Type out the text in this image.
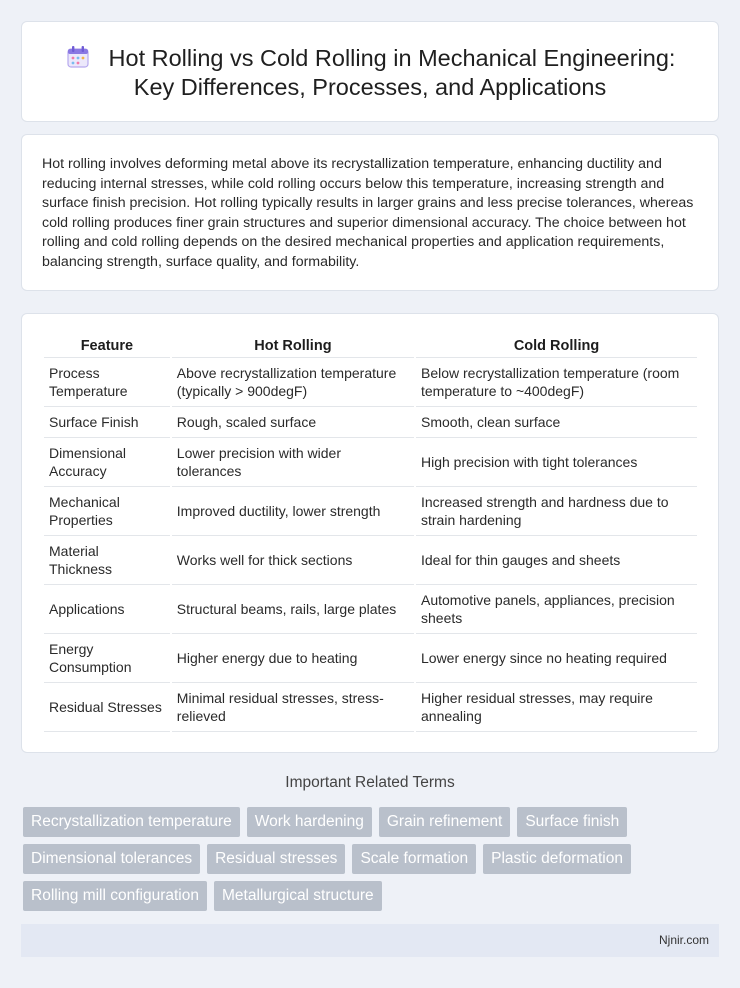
Hot Rolling vs Cold Rolling in Mechanical Engineering:
Key Differences, Processes, and Applications

Hot rolling involves deforming metal above its recrystallization temperature, enhancing ductility and reducing internal stresses, while cold rolling occurs below this temperature, increasing strength and surface finish precision. Hot rolling typically results in larger grains and less precise tolerances, whereas cold rolling produces finer grain structures and superior dimensional accuracy. The choice between hot rolling and cold rolling depends on the desired mechanical properties and application requirements, balancing strength, surface quality, and formability.

Feature	Hot Rolling	Cold Rolling
Process Temperature	Above recrystallization temperature (typically > 900degF)	Below recrystallization temperature (room temperature to ~400degF)
Surface Finish	Rough, scaled surface	Smooth, clean surface
Dimensional Accuracy	Lower precision with wider tolerances	High precision with tight tolerances
Mechanical Properties	Improved ductility, lower strength	Increased strength and hardness due to strain hardening
Material Thickness	Works well for thick sections	Ideal for thin gauges and sheets
Applications	Structural beams, rails, large plates	Automotive panels, appliances, precision sheets
Energy Consumption	Higher energy due to heating	Lower energy since no heating required
Residual Stresses	Minimal residual stresses, stress-relieved	Higher residual stresses, may require annealing
Important Related Terms
Recrystallization temperature	Work hardening	Grain refinement	Surface finish
Dimensional tolerances	Residual stresses	Scale formation	Plastic deformation
Rolling mill configuration	Metallurgical structure
Njnir.com
